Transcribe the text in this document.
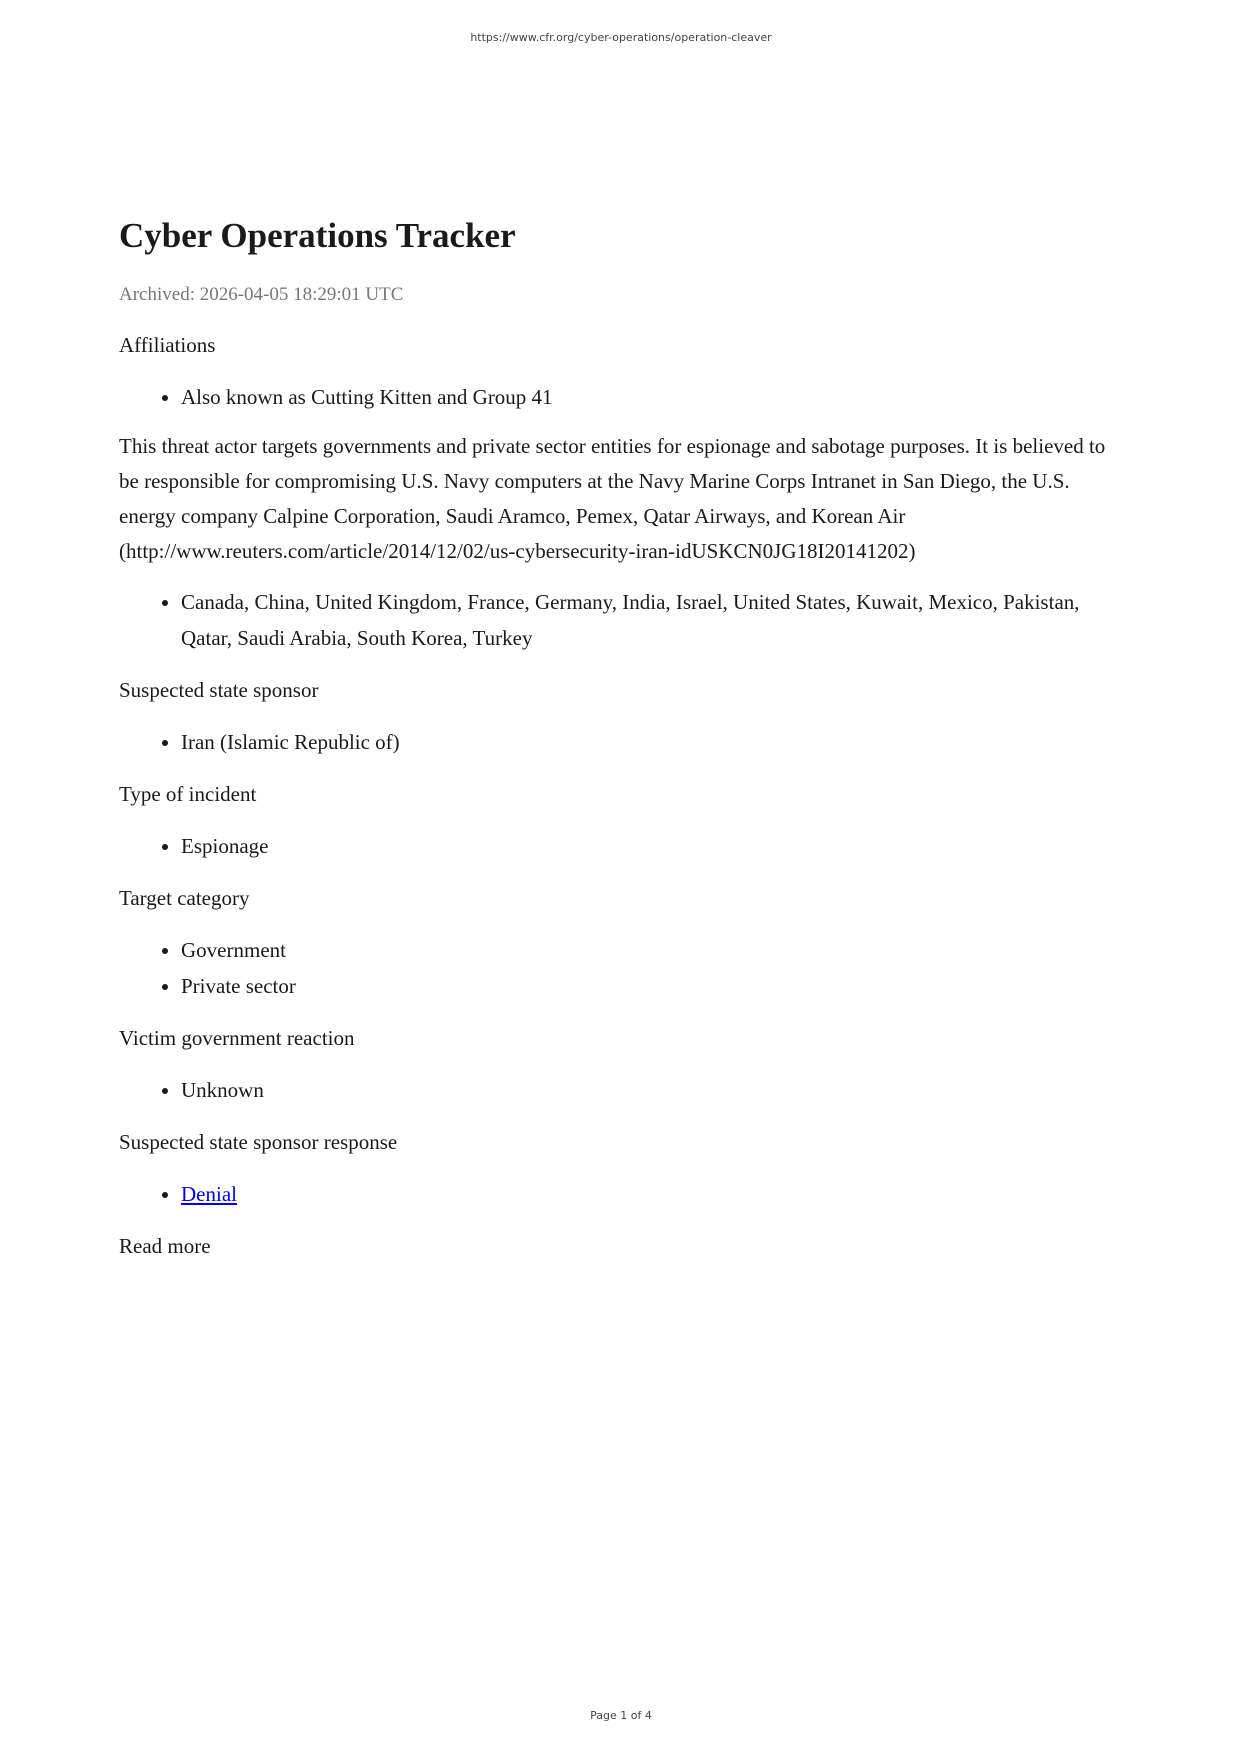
https://www.cfr.org/cyber-operations/operation-cleaver
Cyber Operations Tracker
Archived: 2026-04-05 18:29:01 UTC

Affiliations

• Also known as Cutting Kitten and Group 41

This threat actor targets governments and private sector entities for espionage and sabotage purposes. It is believed to be responsible for compromising U.S. Navy computers at the Navy Marine Corps Intranet in San Diego, the U.S. energy company Calpine Corporation, Saudi Aramco, Pemex, Qatar Airways, and Korean Air (http://www.reuters.com/article/2014/12/02/us-cybersecurity-iran-idUSKCN0JG18I20141202)

• Canada, China, United Kingdom, France, Germany, India, Israel, United States, Kuwait, Mexico, Pakistan, Qatar, Saudi Arabia, South Korea, Turkey

Suspected state sponsor

• Iran (Islamic Republic of)

Type of incident

• Espionage

Target category

• Government
• Private sector

Victim government reaction

• Unknown

Suspected state sponsor response

• Denial

Read more

Page 1 of 4
